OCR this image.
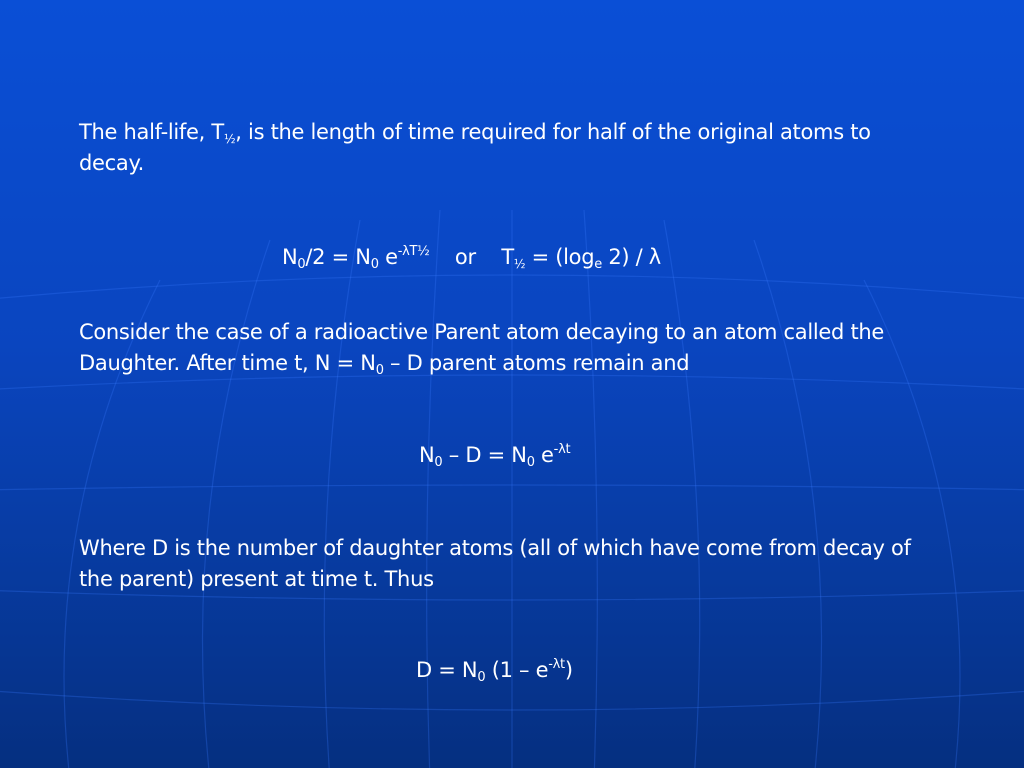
The half-life, $T_{\frac{1}{2}}$, is the length of time required for half of the original atoms to decay.
$N_0/2 = N_0$ $e^{-\lambda T\frac{1}{2}}$    or    $T_{\frac{1}{2}} = (\log_e$ 2) / λ
Consider the case of a radioactive Parent atom decaying to an atom called the Daughter. After time t, $N = N_0 - D$ parent atoms remain and
$N_0 - D = N_0$ $e^{-\lambda t}$
Where D is the number of daughter atoms (all of which have come from decay of the parent) present at time t. Thus
$D = N_0$ $(1 - e^{-\lambda t})$
